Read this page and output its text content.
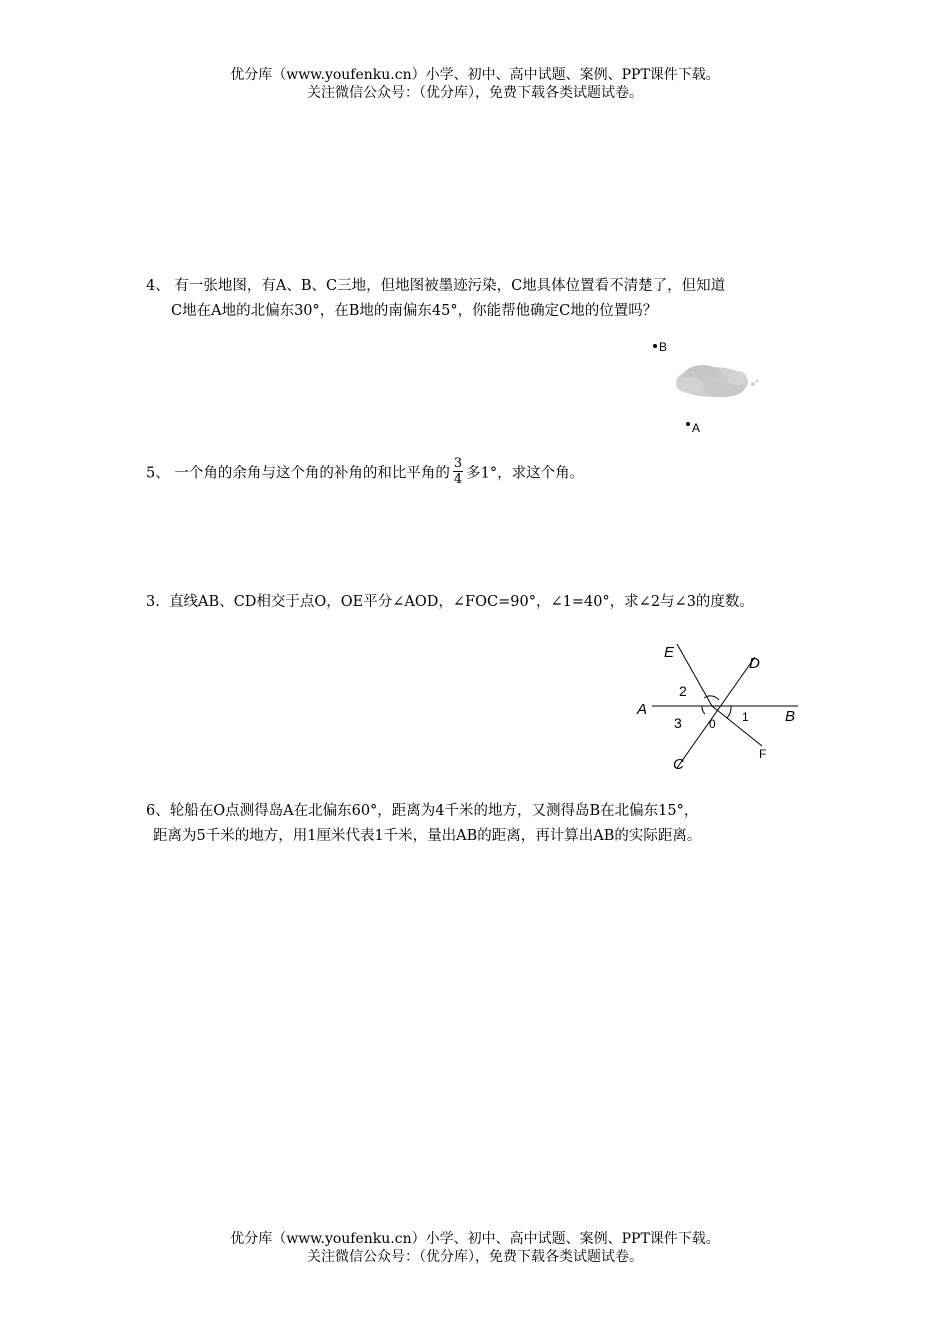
优分库（www.youfenku.cn）小学、初中、高中试题、案例、PPT课件下载。
关注微信公众号：（优分库），免费下载各类试题试卷。
4、 有一张地图，有A、B、C三地，但地图被墨迹污染，C地具体位置看不清楚了，但知道
C地在A地的北偏东30°，在B地的南偏东45°，你能帮他确定C地的位置吗？
B
A
5、 一个角的余角与这个角的补角的和比平角的 $\frac{3}{4}$ 多1°，求这个角。
3. 直线AB、CD相交于点O，OE平分∠AOD，∠FOC=90°，∠1=40°，求∠2与∠3的度数。
E
D
A	B
C
F
0
2
3	1
6、轮船在O点测得岛A在北偏东60°，距离为4千米的地方，又测得岛B在北偏东15°，
距离为5千米的地方，用1厘米代表1千米，量出AB的距离，再计算出AB的实际距离。
优分库（www.youfenku.cn）小学、初中、高中试题、案例、PPT课件下载。
关注微信公众号：（优分库），免费下载各类试题试卷。
